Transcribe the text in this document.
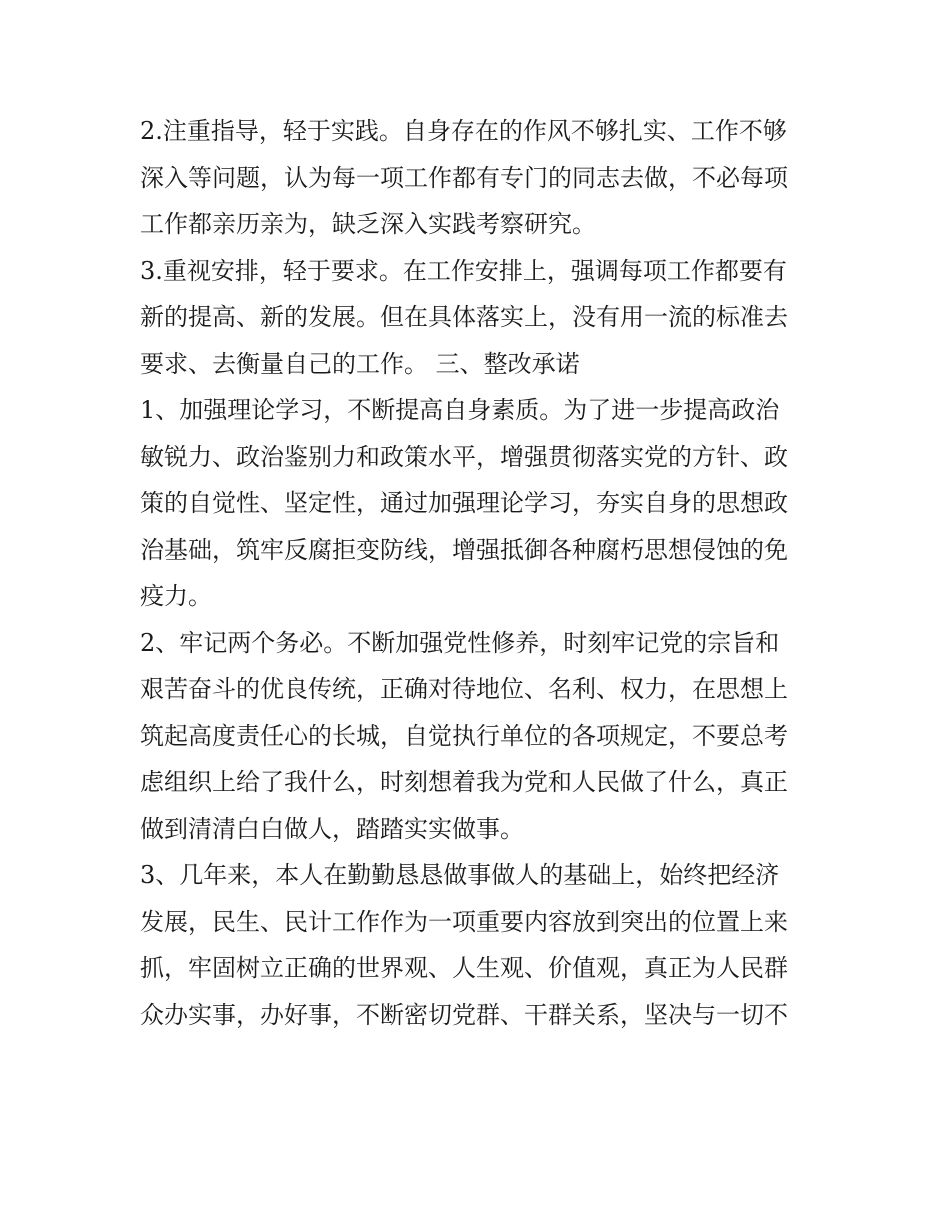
2.注重指导，轻于实践。自身存在的作风不够扎实、工作不够
深入等问题，认为每一项工作都有专门的同志去做，不必每项
工作都亲历亲为，缺乏深入实践考察研究。
3.重视安排，轻于要求。在工作安排上，强调每项工作都要有
新的提高、新的发展。但在具体落实上，没有用一流的标准去
要求、去衡量自己的工作。 三、整改承诺
1、加强理论学习，不断提高自身素质。为了进一步提高政治
敏锐力、政治鉴别力和政策水平，增强贯彻落实党的方针、政
策的自觉性、坚定性，通过加强理论学习，夯实自身的思想政
治基础，筑牢反腐拒变防线，增强抵御各种腐朽思想侵蚀的免
疫力。
2、牢记两个务必。不断加强党性修养，时刻牢记党的宗旨和
艰苦奋斗的优良传统，正确对待地位、名利、权力，在思想上
筑起高度责任心的长城，自觉执行单位的各项规定，不要总考
虑组织上给了我什么，时刻想着我为党和人民做了什么，真正
做到清清白白做人，踏踏实实做事。
3、几年来，本人在勤勤恳恳做事做人的基础上，始终把经济
发展，民生、民计工作作为一项重要内容放到突出的位置上来
抓，牢固树立正确的世界观、人生观、价值观，真正为人民群
众办实事，办好事，不断密切党群、干群关系，坚决与一切不
